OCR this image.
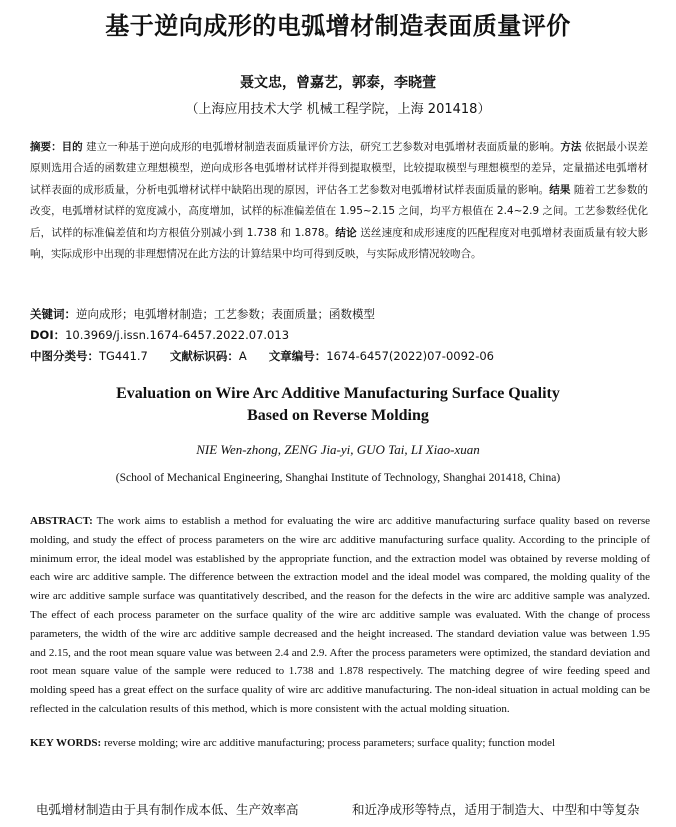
基于逆向成形的电弧增材制造表面质量评价
聂文忠，曾嘉艺，郭泰，李晓萱
（上海应用技术大学 机械工程学院，上海 201418）
摘要：目的 建立一种基于逆向成形的电弧增材制造表面质量评价方法，研究工艺参数对电弧增材表面质量的影响。方法 依据最小误差原则选用合适的函数建立理想模型，逆向成形各电弧增材试样并得到提取模型，比较提取模型与理想模型的差异，定量描述电弧增材试样表面的成形质量，分析电弧增材试样中缺陷出现的原因，评估各工艺参数对电弧增材试样表面质量的影响。结果 随着工艺参数的改变，电弧增材试样的宽度减小，高度增加，试样的标准偏差值在 1.95~2.15 之间，均平方根值在 2.4~2.9 之间。工艺参数经优化后，试样的标准偏差值和均方根值分别减小到 1.738 和 1.878。结论 送丝速度和成形速度的匹配程度对电弧增材表面质量有较大影响，实际成形中出现的非理想情况在此方法的计算结果中均可得到反映，与实际成形情况较吻合。
关键词：逆向成形；电弧增材制造；工艺参数；表面质量；函数模型
DOI：10.3969/j.issn.1674-6457.2022.07.013
中图分类号：TG441.7 文献标识码：A 文章编号：1674-6457(2022)07-0092-06
Evaluation on Wire Arc Additive Manufacturing Surface Quality
Based on Reverse Molding
NIE Wen-zhong, ZENG Jia-yi, GUO Tai, LI Xiao-xuan
(School of Mechanical Engineering, Shanghai Institute of Technology, Shanghai 201418, China)
ABSTRACT: The work aims to establish a method for evaluating the wire arc additive manufacturing surface quality based on reverse molding, and study the effect of process parameters on the wire arc additive manufacturing surface quality. According to the principle of minimum error, the ideal model was established by the appropriate function, and the extraction model was obtained by reverse molding of each wire arc additive sample. The difference between the extraction model and the ideal model was compared, the molding quality of the wire arc additive sample surface was quantitatively described, and the reason for the defects in the wire arc additive sample was analyzed. The effect of each process parameter on the surface quality of the wire arc additive sample was evaluated. With the change of process parameters, the width of the wire arc additive sample decreased and the height increased. The standard deviation value was between 1.95 and 2.15, and the root mean square value was between 2.4 and 2.9. After the process parameters were optimized, the standard deviation and root mean square value of the sample were reduced to 1.738 and 1.878 respectively. The matching degree of wire feeding speed and molding speed has a great effect on the surface quality of wire arc additive manufacturing. The non-ideal situation in actual molding can be reflected in the calculation results of this method, which is more consistent with the actual molding situation.
KEY WORDS: reverse molding; wire arc additive manufacturing; process parameters; surface quality; function model
电弧增材制造由于具有制作成本低、生产效率高	和近净成形等特点，适用于制造大、中型和中等复杂
